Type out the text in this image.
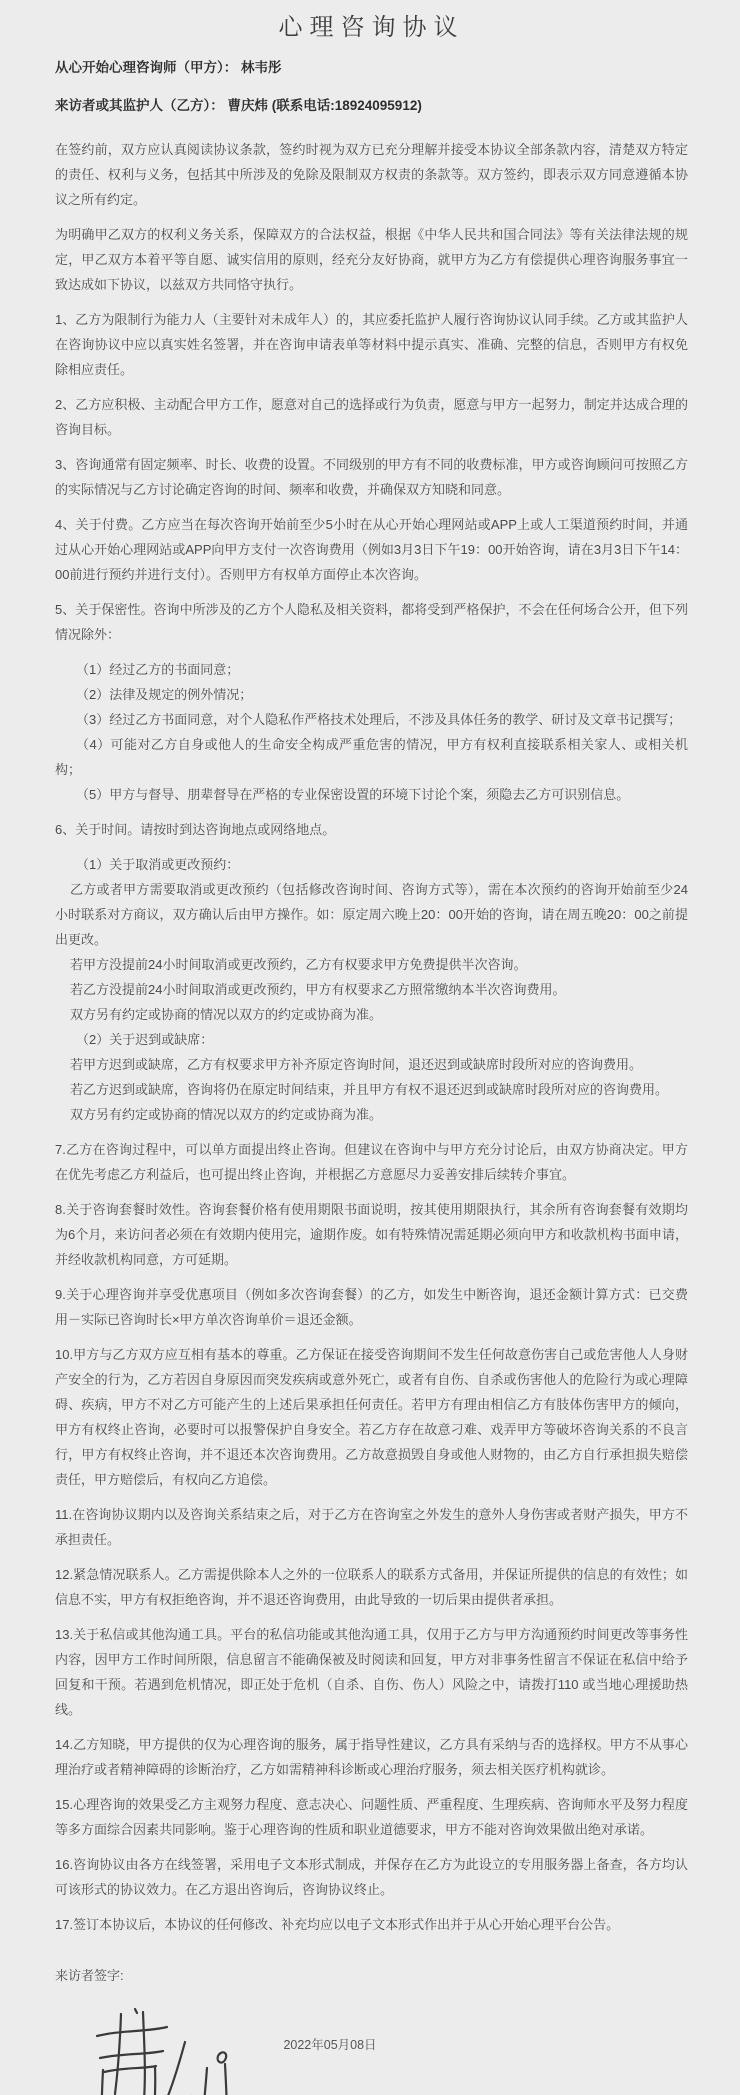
心理咨询协议

从心开始心理咨询师（甲方）： 林韦彤

来访者或其监护人（乙方）： 曹庆炜 (联系电话:18924095912)

在签约前，双方应认真阅读协议条款，签约时视为双方已充分理解并接受本协议全部条款内容，清楚双方特定的责任、权利与义务，包括其中所涉及的免除及限制双方权责的条款等。双方签约，即表示双方同意遵循本协议之所有约定。

为明确甲乙双方的权利义务关系，保障双方的合法权益，根据《中华人民共和国合同法》等有关法律法规的规定，甲乙双方本着平等自愿、诚实信用的原则，经充分友好协商，就甲方为乙方有偿提供心理咨询服务事宜一致达成如下协议，以兹双方共同恪守执行。

1、乙方为限制行为能力人（主要针对未成年人）的，其应委托监护人履行咨询协议认同手续。乙方或其监护人在咨询协议中应以真实姓名签署，并在咨询申请表单等材料中提示真实、准确、完整的信息，否则甲方有权免除相应责任。

2、乙方应积极、主动配合甲方工作，愿意对自己的选择或行为负责，愿意与甲方一起努力，制定并达成合理的咨询目标。

3、咨询通常有固定频率、时长、收费的设置。不同级别的甲方有不同的收费标准，甲方或咨询顾问可按照乙方的实际情况与乙方讨论确定咨询的时间、频率和收费，并确保双方知晓和同意。

4、关于付费。乙方应当在每次咨询开始前至少5小时在从心开始心理网站或APP上或人工渠道预约时间，并通过从心开始心理网站或APP向甲方支付一次咨询费用（例如3月3日下午19：00开始咨询，请在3月3日下午14：00前进行预约并进行支付）。否则甲方有权单方面停止本次咨询。

5、关于保密性。咨询中所涉及的乙方个人隐私及相关资料，都将受到严格保护，不会在任何场合公开，但下列情况除外：

（1）经过乙方的书面同意；

（2）法律及规定的例外情况；

（3）经过乙方书面同意，对个人隐私作严格技术处理后，不涉及具体任务的教学、研讨及文章书记撰写；

（4）可能对乙方自身或他人的生命安全构成严重危害的情况，甲方有权利直接联系相关家人、或相关机构；

（5）甲方与督导、朋辈督导在严格的专业保密设置的环境下讨论个案，须隐去乙方可识别信息。

6、关于时间。请按时到达咨询地点或网络地点。

（1）关于取消或更改预约：

乙方或者甲方需要取消或更改预约（包括修改咨询时间、咨询方式等），需在本次预约的咨询开始前至少24小时联系对方商议，双方确认后由甲方操作。如：原定周六晚上20：00开始的咨询，请在周五晚20：00之前提出更改。

若甲方没提前24小时间取消或更改预约，乙方有权要求甲方免费提供半次咨询。

若乙方没提前24小时间取消或更改预约，甲方有权要求乙方照常缴纳本半次咨询费用。

双方另有约定或协商的情况以双方的约定或协商为准。

（2）关于迟到或缺席：

若甲方迟到或缺席，乙方有权要求甲方补齐原定咨询时间，退还迟到或缺席时段所对应的咨询费用。

若乙方迟到或缺席，咨询将仍在原定时间结束，并且甲方有权不退还迟到或缺席时段所对应的咨询费用。

双方另有约定或协商的情况以双方的约定或协商为准。

7.乙方在咨询过程中，可以单方面提出终止咨询。但建议在咨询中与甲方充分讨论后，由双方协商决定。甲方在优先考虑乙方利益后，也可提出终止咨询，并根据乙方意愿尽力妥善安排后续转介事宜。

8.关于咨询套餐时效性。咨询套餐价格有使用期限书面说明，按其使用期限执行，其余所有咨询套餐有效期均为6个月，来访问者必须在有效期内使用完，逾期作废。如有特殊情况需延期必须向甲方和收款机构书面申请，并经收款机构同意，方可延期。

9.关于心理咨询并享受优惠项目（例如多次咨询套餐）的乙方，如发生中断咨询，退还金额计算方式：已交费用－实际已咨询时长×甲方单次咨询单价＝退还金额。

10.甲方与乙方双方应互相有基本的尊重。乙方保证在接受咨询期间不发生任何故意伤害自己或危害他人人身财产安全的行为，乙方若因自身原因而突发疾病或意外死亡，或者有自伤、自杀或伤害他人的危险行为或心理障碍、疾病，甲方不对乙方可能产生的上述后果承担任何责任。若甲方有理由相信乙方有肢体伤害甲方的倾向，甲方有权终止咨询，必要时可以报警保护自身安全。若乙方存在故意刁难、戏弄甲方等破坏咨询关系的不良言行，甲方有权终止咨询，并不退还本次咨询费用。乙方故意损毁自身或他人财物的，由乙方自行承担损失赔偿责任，甲方赔偿后，有权向乙方追偿。

11.在咨询协议期内以及咨询关系结束之后，对于乙方在咨询室之外发生的意外人身伤害或者财产损失，甲方不承担责任。

12.紧急情况联系人。乙方需提供除本人之外的一位联系人的联系方式备用，并保证所提供的信息的有效性；如信息不实，甲方有权拒绝咨询，并不退还咨询费用，由此导致的一切后果由提供者承担。

13.关于私信或其他沟通工具。平台的私信功能或其他沟通工具，仅用于乙方与甲方沟通预约时间更改等事务性内容，因甲方工作时间所限，信息留言不能确保被及时阅读和回复，甲方对非事务性留言不保证在私信中给予回复和干预。若遇到危机情况，即正处于危机（自杀、自伤、伤人）风险之中，请拨打110 或当地心理援助热线。

14.乙方知晓，甲方提供的仅为心理咨询的服务，属于指导性建议，乙方具有采纳与否的选择权。甲方不从事心理治疗或者精神障碍的诊断治疗，乙方如需精神科诊断或心理治疗服务，须去相关医疗机构就诊。

15.心理咨询的效果受乙方主观努力程度、意志决心、问题性质、严重程度、生理疾病、咨询师水平及努力程度等多方面综合因素共同影响。鉴于心理咨询的性质和职业道德要求，甲方不能对咨询效果做出绝对承诺。

16.咨询协议由各方在线签署，采用电子文本形式制成，并保存在乙方为此设立的专用服务器上备查，各方均认可该形式的协议效力。在乙方退出咨询后，咨询协议终止。

17.签订本协议后，本协议的任何修改、补充均应以电子文本形式作出并于从心开始心理平台公告。

来访者签字:

2022年05月08日
